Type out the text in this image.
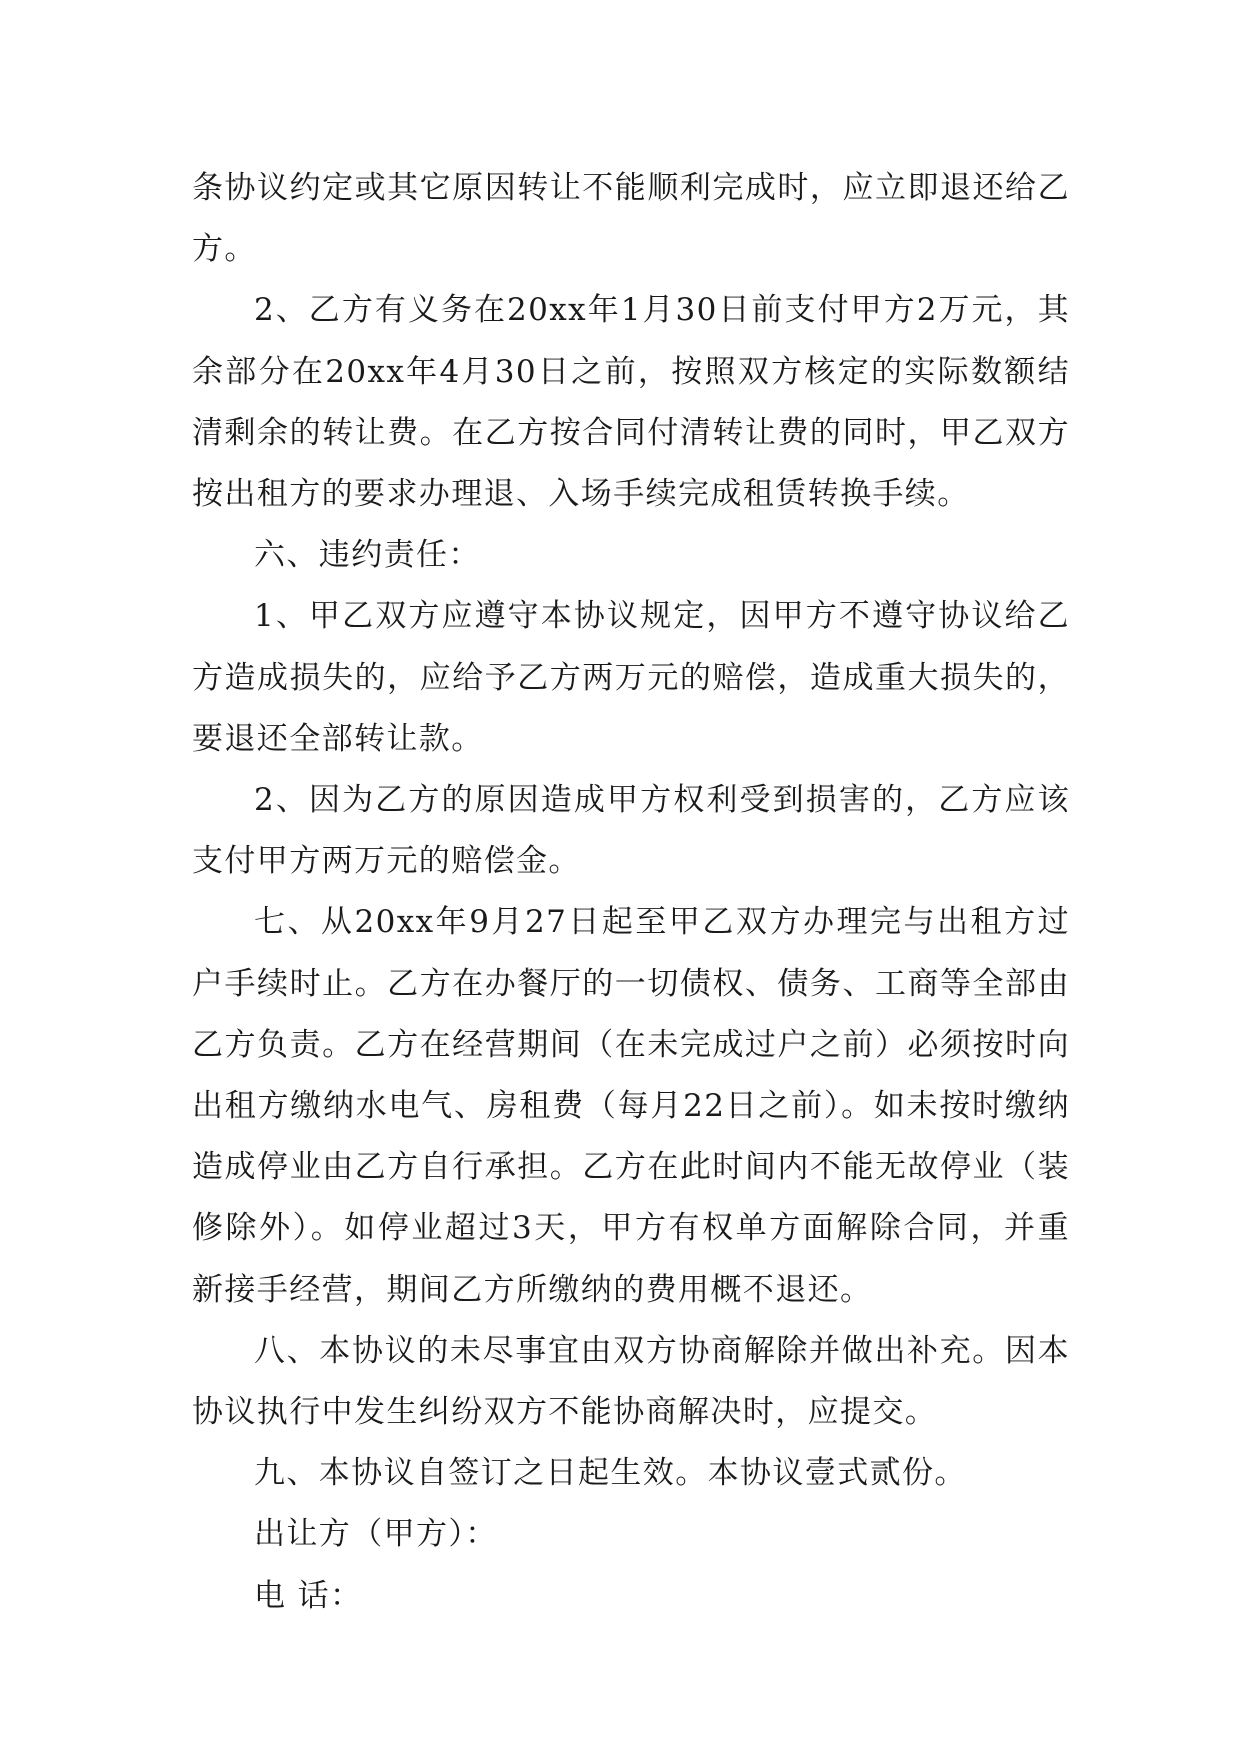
条协议约定或其它原因转让不能顺利完成时，应立即退还给乙方。

2、乙方有义务在20xx年1月30日前支付甲方2万元，其余部分在20xx年4月30日之前，按照双方核定的实际数额结清剩余的转让费。在乙方按合同付清转让费的同时，甲乙双方按出租方的要求办理退、入场手续完成租赁转换手续。

六、违约责任：

1、甲乙双方应遵守本协议规定，因甲方不遵守协议给乙方造成损失的，应给予乙方两万元的赔偿，造成重大损失的，要退还全部转让款。

2、因为乙方的原因造成甲方权利受到损害的，乙方应该支付甲方两万元的赔偿金。

七、从20xx年9月27日起至甲乙双方办理完与出租方过户手续时止。乙方在办餐厅的一切债权、债务、工商等全部由乙方负责。乙方在经营期间（在未完成过户之前）必须按时向出租方缴纳水电气、房租费（每月22日之前）。如未按时缴纳造成停业由乙方自行承担。乙方在此时间内不能无故停业（装修除外）。如停业超过3天，甲方有权单方面解除合同，并重新接手经营，期间乙方所缴纳的费用概不退还。

八、本协议的未尽事宜由双方协商解除并做出补充。因本协议执行中发生纠纷双方不能协商解决时，应提交。

九、本协议自签订之日起生效。本协议壹式贰份。

出让方（甲方）：

电 话：
